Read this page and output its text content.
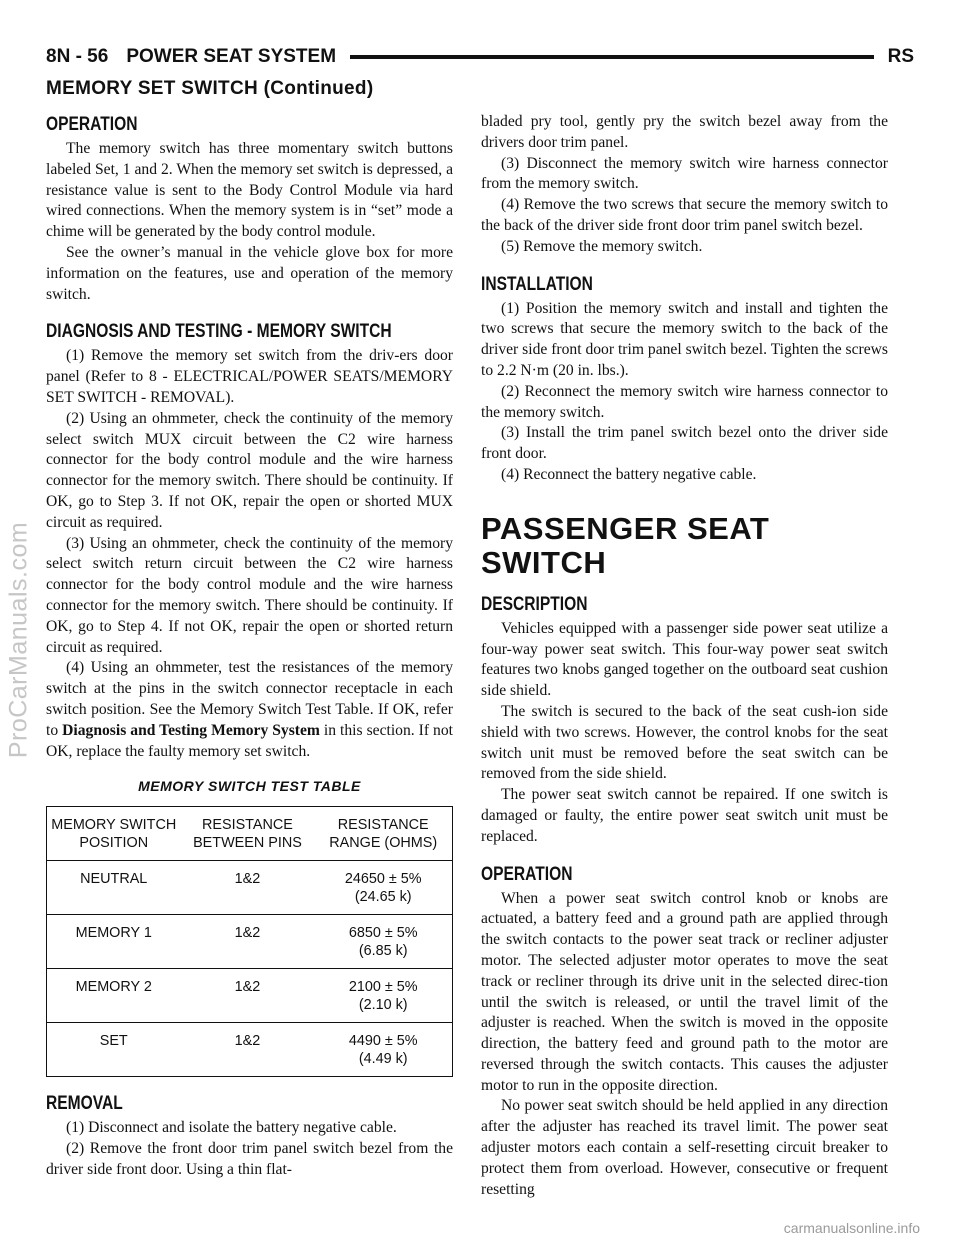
ProCarManuals.com
8N - 56 POWER SEAT SYSTEM	RS
MEMORY SET SWITCH (Continued)
OPERATION

The memory switch has three momentary switch buttons labeled Set, 1 and 2. When the memory set switch is depressed, a resistance value is sent to the Body Control Module via hard wired connections. When the memory system is in “set” mode a chime will be generated by the body control module.

See the owner’s manual in the vehicle glove box for more information on the features, use and operation of the memory switch.

DIAGNOSIS AND TESTING - MEMORY SWITCH

(1) Remove the memory set switch from the driv-ers door panel (Refer to 8 - ELECTRICAL/POWER SEATS/MEMORY SET SWITCH - REMOVAL).

(2) Using an ohmmeter, check the continuity of the memory select switch MUX circuit between the C2 wire harness connector for the body control module and the wire harness connector for the memory switch. There should be continuity. If OK, go to Step 3. If not OK, repair the open or shorted MUX circuit as required.

(3) Using an ohmmeter, check the continuity of the memory select switch return circuit between the C2 wire harness connector for the body control module and the wire harness connector for the memory switch. There should be continuity. If OK, go to Step 4. If not OK, repair the open or shorted return circuit as required.

(4) Using an ohmmeter, test the resistances of the memory switch at the pins in the switch connector receptacle in each switch position. See the Memory Switch Test Table. If OK, refer to Diagnosis and Testing Memory System in this section. If not OK, replace the faulty memory set switch.

MEMORY SWITCH TEST TABLE
MEMORY SWITCH POSITION	RESISTANCE BETWEEN PINS	RESISTANCE RANGE (OHMS)
NEUTRAL	1&2	24650 ± 5%
(24.65 k)

MEMORY 1	1&2	6850 ± 5%
(6.85 k)

MEMORY 2	1&2	2100 ± 5%
(2.10 k)

SET	1&2	4490 ± 5%
(4.49 k)
REMOVAL

(1) Disconnect and isolate the battery negative cable.

(2) Remove the front door trim panel switch bezel from the driver side front door. Using a thin flat-

bladed pry tool, gently pry the switch bezel away from the drivers door trim panel.

(3) Disconnect the memory switch wire harness connector from the memory switch.

(4) Remove the two screws that secure the memory switch to the back of the driver side front door trim panel switch bezel.

(5) Remove the memory switch.

INSTALLATION

(1) Position the memory switch and install and tighten the two screws that secure the memory switch to the back of the driver side front door trim panel switch bezel. Tighten the screws to 2.2 N·m (20 in. lbs.).

(2) Reconnect the memory switch wire harness connector to the memory switch.

(3) Install the trim panel switch bezel onto the driver side front door.

(4) Reconnect the battery negative cable.

PASSENGER SEAT SWITCH
DESCRIPTION

Vehicles equipped with a passenger side power seat utilize a four-way power seat switch. This four-way power seat switch features two knobs ganged together on the outboard seat cushion side shield.

The switch is secured to the back of the seat cush-ion side shield with two screws. However, the control knobs for the seat switch unit must be removed before the seat switch can be removed from the side shield.

The power seat switch cannot be repaired. If one switch is damaged or faulty, the entire power seat switch unit must be replaced.

OPERATION

When a power seat switch control knob or knobs are actuated, a battery feed and a ground path are applied through the switch contacts to the power seat track or recliner adjuster motor. The selected adjuster motor operates to move the seat track or recliner through its drive unit in the selected direc-tion until the switch is released, or until the travel limit of the adjuster is reached. When the switch is moved in the opposite direction, the battery feed and ground path to the motor are reversed through the switch contacts. This causes the adjuster motor to run in the opposite direction.

No power seat switch should be held applied in any direction after the adjuster has reached its travel limit. The power seat adjuster motors each contain a self-resetting circuit breaker to protect them from overload. However, consecutive or frequent resetting

carmanualsonline.info
